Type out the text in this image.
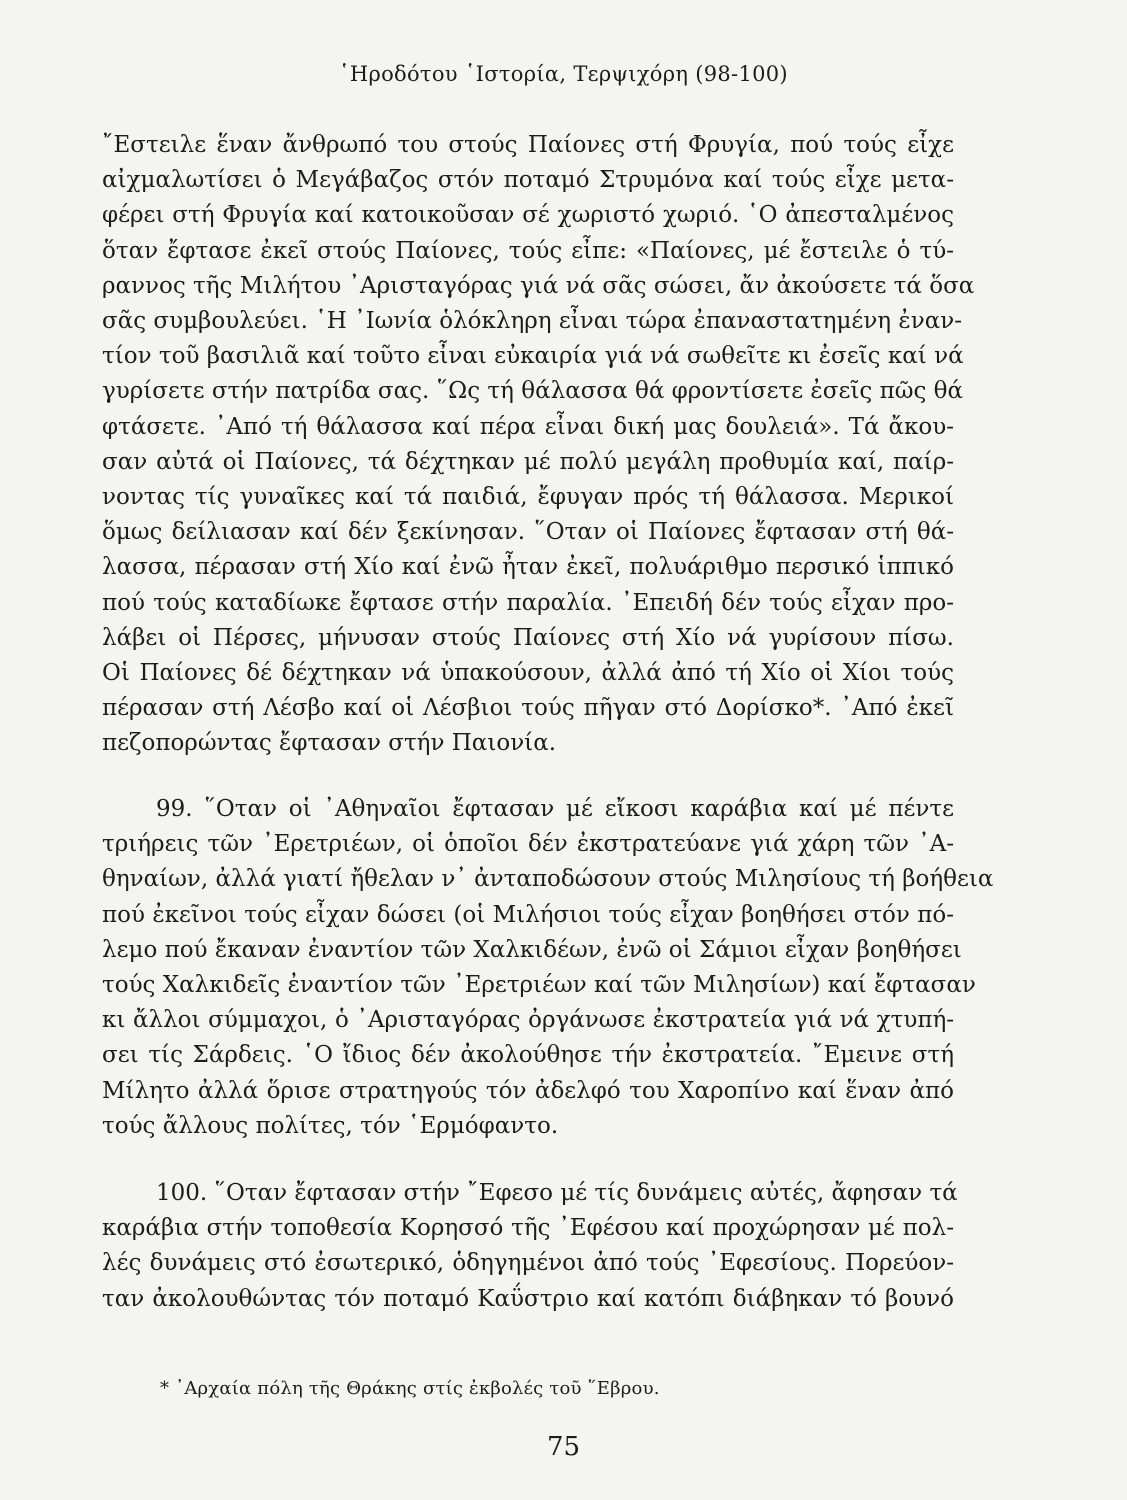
῾Ηροδότου ῾Ιστορία, Τερψιχόρη (98-100)

῎Εστειλε ἕναν ἄνθρωπό του στούς Παίονες στή Φρυγία, πού τούς εἶχε
αἰχμαλωτίσει ὁ Μεγάβαζος στόν ποταμό Στρυμόνα καί τούς εἶχε μετα-
φέρει στή Φρυγία καί κατοικοῦσαν σέ χωριστό χωριό. ῾Ο ἀπεσταλμένος
ὅταν ἔφτασε ἐκεῖ στούς Παίονες, τούς εἶπε: «Παίονες, μέ ἔστειλε ὁ τύ-
ραννος τῆς Μιλήτου ᾿Αρισταγόρας γιά νά σᾶς σώσει, ἄν ἀκούσετε τά ὅσα
σᾶς συμβουλεύει. ῾Η ᾿Ιωνία ὁλόκληρη εἶναι τώρα ἐπαναστατημένη ἐναν-
τίον τοῦ βασιλιᾶ καί τοῦτο εἶναι εὐκαιρία γιά νά σωθεῖτε κι ἐσεῖς καί νά
γυρίσετε στήν πατρίδα σας. ῞Ως τή θάλασσα θά φροντίσετε ἐσεῖς πῶς θά
φτάσετε. ᾿Από τή θάλασσα καί πέρα εἶναι δική μας δουλειά». Τά ἄκου-
σαν αὐτά οἱ Παίονες, τά δέχτηκαν μέ πολύ μεγάλη προθυμία καί, παίρ-
νοντας τίς γυναῖκες καί τά παιδιά, ἔφυγαν πρός τή θάλασσα. Μερικοί
ὅμως δείλιασαν καί δέν ξεκίνησαν. ῞Οταν οἱ Παίονες ἔφτασαν στή θά-
λασσα, πέρασαν στή Χίο καί ἐνῶ ἦταν ἐκεῖ, πολυάριθμο περσικό ἱππικό
πού τούς καταδίωκε ἔφτασε στήν παραλία. ᾿Επειδή δέν τούς εἶχαν προ-
λάβει οἱ Πέρσες, μήνυσαν στούς Παίονες στή Χίο νά γυρίσουν πίσω.
Οἱ Παίονες δέ δέχτηκαν νά ὑπακούσουν, ἀλλά ἀπό τή Χίο οἱ Χίοι τούς
πέρασαν στή Λέσβο καί οἱ Λέσβιοι τούς πῆγαν στό Δορίσκο*. ᾿Από ἐκεῖ
πεζοπορώντας ἔφτασαν στήν Παιονία.

99. ῞Οταν οἱ ᾿Αθηναῖοι ἔφτασαν μέ εἴκοσι καράβια καί μέ πέντε
τριήρεις τῶν ᾿Ερετριέων, οἱ ὁποῖοι δέν ἐκστρατεύανε γιά χάρη τῶν ᾿Α-
θηναίων, ἀλλά γιατί ἤθελαν ν᾿ ἀνταποδώσουν στούς Μιλησίους τή βοήθεια
πού ἐκεῖνοι τούς εἶχαν δώσει (οἱ Μιλήσιοι τούς εἶχαν βοηθήσει στόν πό-
λεμο πού ἔκαναν ἐναντίον τῶν Χαλκιδέων, ἐνῶ οἱ Σάμιοι εἶχαν βοηθήσει
τούς Χαλκιδεῖς ἐναντίον τῶν ᾿Ερετριέων καί τῶν Μιλησίων) καί ἔφτασαν
κι ἄλλοι σύμμαχοι, ὁ ᾿Αρισταγόρας ὀργάνωσε ἐκστρατεία γιά νά χτυπή-
σει τίς Σάρδεις. ῾Ο ἴδιος δέν ἀκολούθησε τήν ἐκστρατεία. ῎Εμεινε στή
Μίλητο ἀλλά ὅρισε στρατηγούς τόν ἀδελφό του Χαροπίνο καί ἕναν ἀπό
τούς ἄλλους πολίτες, τόν ῾Ερμόφαντο.

100. ῞Οταν ἔφτασαν στήν ῎Εφεσο μέ τίς δυνάμεις αὐτές, ἄφησαν τά
καράβια στήν τοποθεσία Κορησσό τῆς ᾿Εφέσου καί προχώρησαν μέ πολ-
λές δυνάμεις στό ἐσωτερικό, ὁδηγημένοι ἀπό τούς ᾿Εφεσίους. Πορεύον-
ταν ἀκολουθώντας τόν ποταμό Καΰστριο καί κατόπι διάβηκαν τό βουνό

* ᾿Αρχαία πόλη τῆς Θράκης στίς ἐκβολές τοῦ ῞Εβρου.
75
